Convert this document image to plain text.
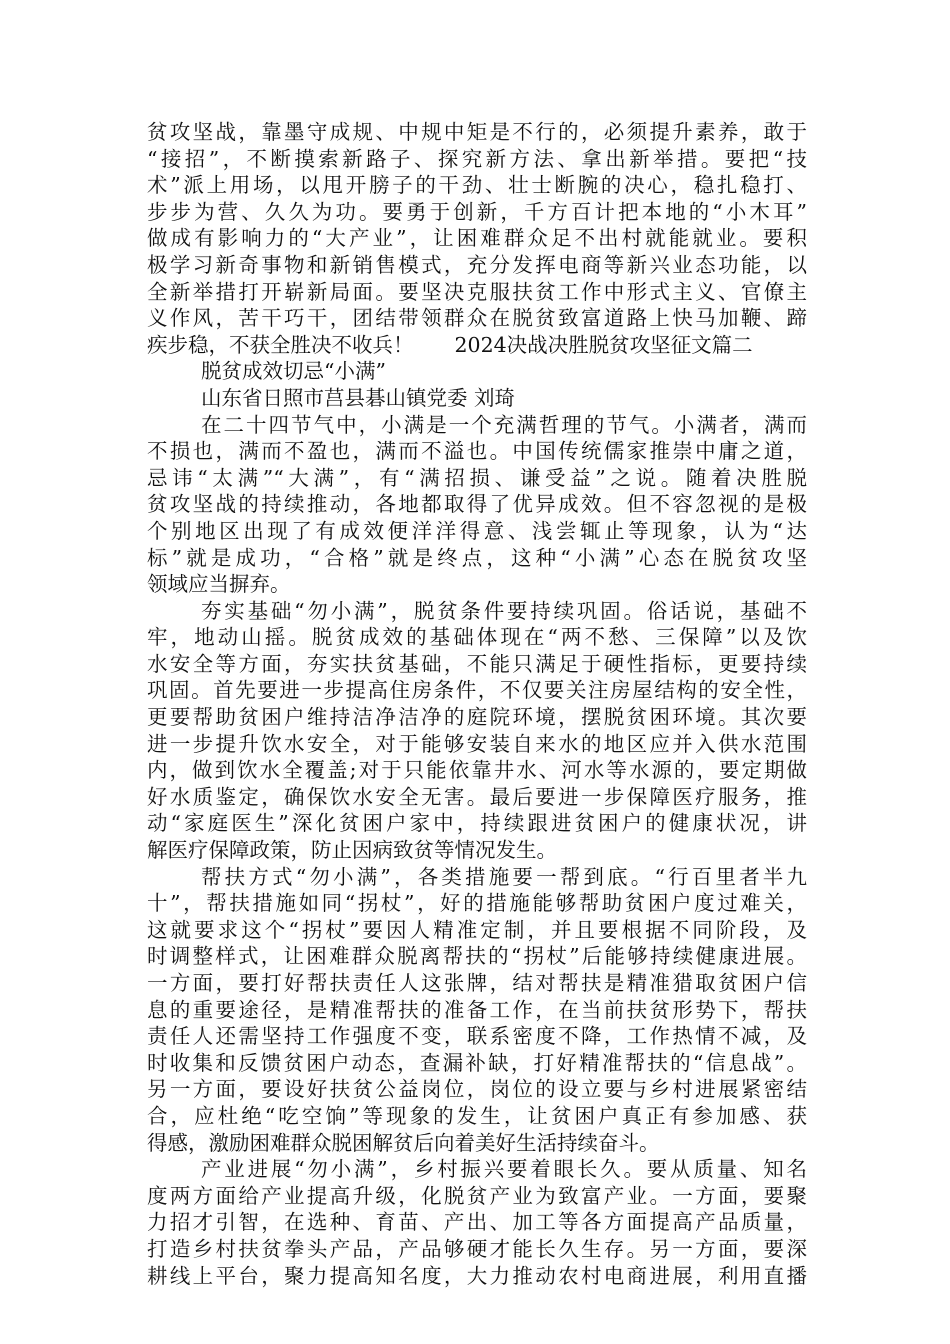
贫攻坚战，靠墨守成规、中规中矩是不行的，必须提升素养，敢于
“接招”，不断摸索新路子、探究新方法、拿出新举措。要把“技
术”派上用场，以甩开膀子的干劲、壮士断腕的决心，稳扎稳打、
步步为营、久久为功。要勇于创新，千方百计把本地的“小木耳”
做成有影响力的“大产业”，让困难群众足不出村就能就业。要积
极学习新奇事物和新销售模式，充分发挥电商等新兴业态功能，以
全新举措打开崭新局面。要坚决克服扶贫工作中形式主义、官僚主
义作风，苦干巧干，团结带领群众在脱贫致富道路上快马加鞭、蹄
疾步稳，不获全胜决不收兵！　　2024决战决胜脱贫攻坚征文篇二
脱贫成效切忌“小满”
山东省日照市莒县碁山镇党委 刘琦
在二十四节气中，小满是一个充满哲理的节气。小满者，满而
不损也，满而不盈也，满而不溢也。中国传统儒家推崇中庸之道，
忌讳“太满”“大满”，有“满招损、谦受益”之说。随着决胜脱
贫攻坚战的持续推动，各地都取得了优异成效。但不容忽视的是极
个别地区出现了有成效便洋洋得意、浅尝辄止等现象，认为“达
标”就是成功，“合格”就是终点，这种“小满”心态在脱贫攻坚
领域应当摒弃。
夯实基础“勿小满”，脱贫条件要持续巩固。俗话说，基础不
牢，地动山摇。脱贫成效的基础体现在“两不愁、三保障”以及饮
水安全等方面，夯实扶贫基础，不能只满足于硬性指标，更要持续
巩固。首先要进一步提高住房条件，不仅要关注房屋结构的安全性，
更要帮助贫困户维持洁净洁净的庭院环境，摆脱贫困环境。其次要
进一步提升饮水安全，对于能够安装自来水的地区应并入供水范围
内，做到饮水全覆盖;对于只能依靠井水、河水等水源的，要定期做
好水质鉴定，确保饮水安全无害。最后要进一步保障医疗服务，推
动“家庭医生”深化贫困户家中，持续跟进贫困户的健康状况，讲
解医疗保障政策，防止因病致贫等情况发生。
帮扶方式“勿小满”，各类措施要一帮到底。“行百里者半九
十”，帮扶措施如同“拐杖”，好的措施能够帮助贫困户度过难关，
这就要求这个“拐杖”要因人精准定制，并且要根据不同阶段，及
时调整样式，让困难群众脱离帮扶的“拐杖”后能够持续健康进展。
一方面，要打好帮扶责任人这张牌，结对帮扶是精准猎取贫困户信
息的重要途径，是精准帮扶的准备工作，在当前扶贫形势下，帮扶
责任人还需坚持工作强度不变，联系密度不降，工作热情不减，及
时收集和反馈贫困户动态，查漏补缺，打好精准帮扶的“信息战”。
另一方面，要设好扶贫公益岗位，岗位的设立要与乡村进展紧密结
合，应杜绝“吃空饷”等现象的发生，让贫困户真正有参加感、获
得感，激励困难群众脱困解贫后向着美好生活持续奋斗。
产业进展“勿小满”，乡村振兴要着眼长久。要从质量、知名
度两方面给产业提高升级，化脱贫产业为致富产业。一方面，要聚
力招才引智，在选种、育苗、产出、加工等各方面提高产品质量，
打造乡村扶贫拳头产品，产品够硬才能长久生存。另一方面，要深
耕线上平台，聚力提高知名度，大力推动农村电商进展，利用直播
